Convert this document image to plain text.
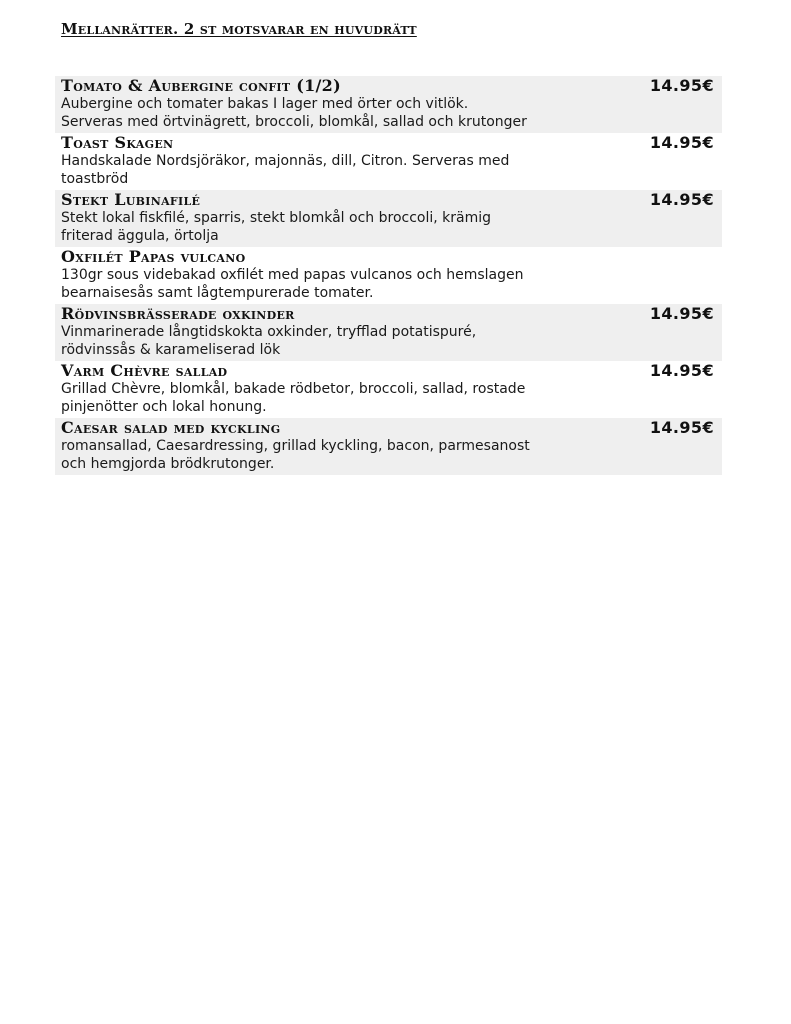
Mellanrätter. 2 st motsvarar en huvudrätt
Tomato & Aubergine confit (1/2)	14.95€
Aubergine och tomater bakas I lager med örter och vitlök. Serveras med örtvinägrett, broccoli, blomkål, sallad och krutonger
Toast Skagen	14.95€
Handskalade Nordsjöräkor, majonnäs, dill, Citron. Serveras med toastbröd
Stekt Lubinafilé	14.95€
Stekt lokal fiskfilé, sparris, stekt blomkål och broccoli, krämig friterad äggula, örtolja
Oxfilét Papas vulcano
130gr sous videbakad oxfilét med papas vulcanos och hemslagen bearnaisesås samt lågtempurerade tomater.
Rödvinsbrässerade oxkinder	14.95€
Vinmarinerade långtidskokta oxkinder, tryfflad potatispuré, rödvinssås & karameliserad lök
Varm Chèvre sallad	14.95€
Grillad Chèvre, blomkål, bakade rödbetor, broccoli, sallad, rostade pinjenötter och lokal honung.
Caesar salad med kyckling	14.95€
romansallad, Caesardressing, grillad kyckling, bacon, parmesanost och hemgjorda brödkrutonger.
